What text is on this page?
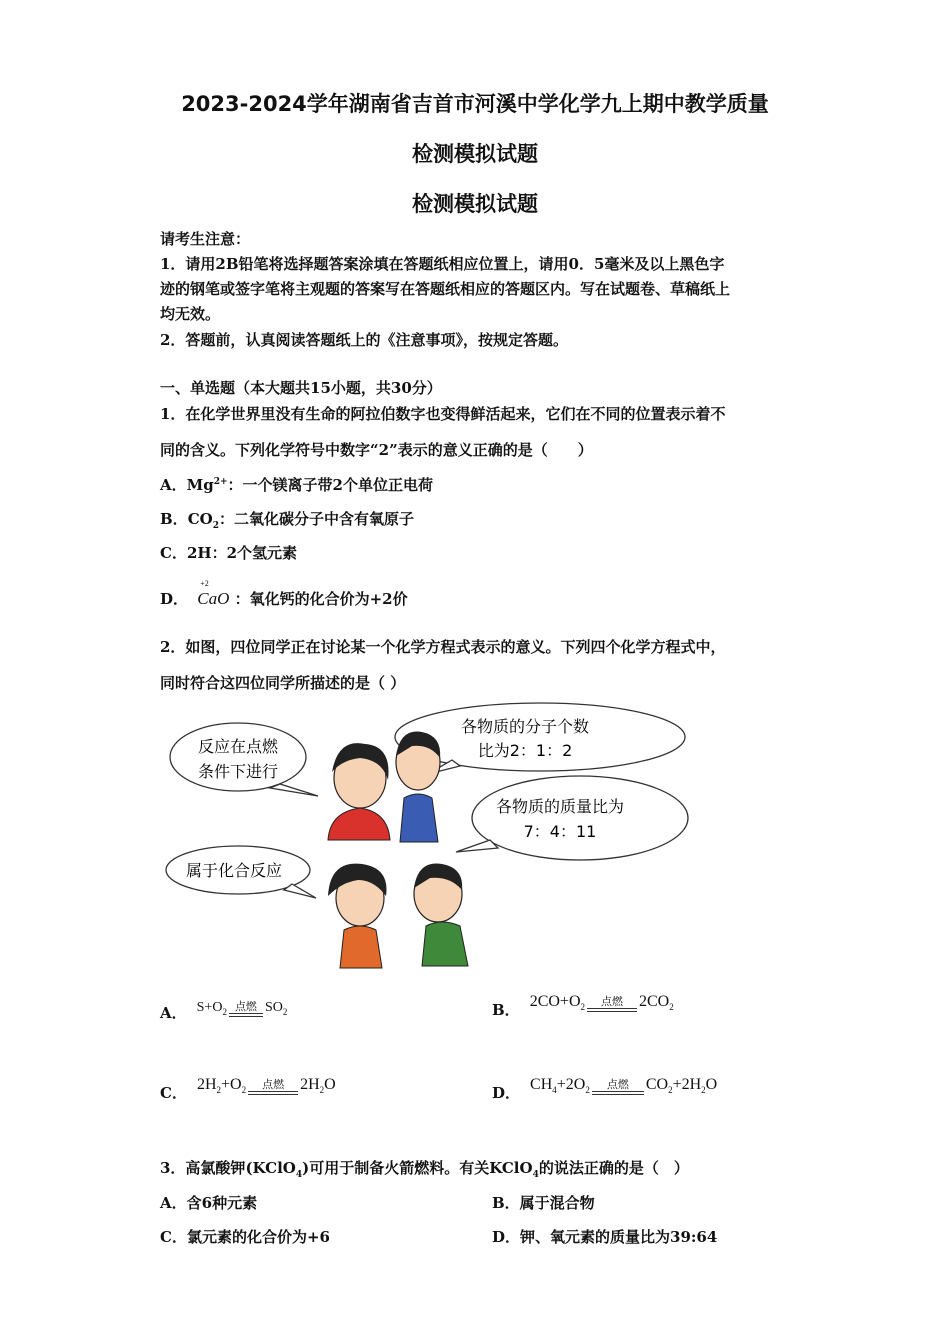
2023-2024学年湖南省吉首市河溪中学化学九上期中教学质量
检测模拟试题
检测模拟试题
请考生注意：
1．请用2B铅笔将选择题答案涂填在答题纸相应位置上，请用0．5毫米及以上黑色字
迹的钢笔或签字笔将主观题的答案写在答题纸相应的答题区内。写在试题卷、草稿纸上
均无效。
2．答题前，认真阅读答题纸上的《注意事项》，按规定答题。
一、单选题（本大题共15小题，共30分）
1．在化学世界里没有生命的阿拉伯数字也变得鲜活起来，它们在不同的位置表示着不
同的含义。下列化学符号中数字“2”表示的意义正确的是（　　）
A．$Mg^{2+}$：一个镁离子带2个单位正电荷
B．$CO_2$：二氧化碳分子中含有氧原子
C．2H：2个氢元素
D．
+2
CaO ：氧化钙的化合价为+2价
2．如图，四位同学正在讨论某一个化学方程式表示的意义。下列四个化学方程式中，
同时符合这四位同学所描述的是（ ）
反应在点燃
条件下进行
各物质的分子个数
比为2：1：2
各物质的质量比为
7：4：11
属于化合反应
A． $S+O_2$ 点燃 $SO_2$	B． $2CO+O_2$	点燃	$2CO_2$
C． $2H_2+O_2$	点燃	$2H_2O$	D． $CH_4+2O_2$	点燃	$CO_2+2H_2O$
3．高氯酸钾(KClO$_4$)可用于制备火箭燃料。有关KClO$_4$的说法正确的是（　）
A．含6种元素	B．属于混合物
C．氯元素的化合价为+6	D．钾、氧元素的质量比为39:64
